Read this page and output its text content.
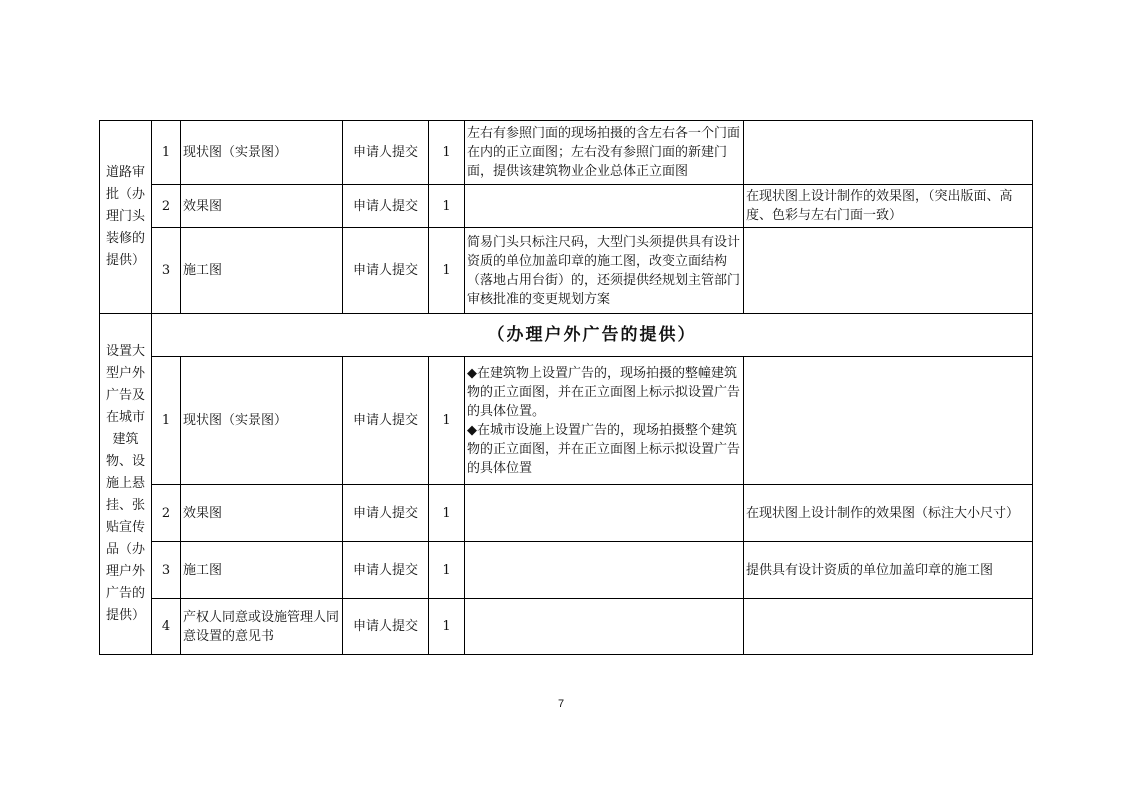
道路审批（办理门头装修的提供）	1	现状图（实景图）	申请人提交	1	左右有参照门面的现场拍摄的含左右各一个门面在内的正立面图；左右没有参照门面的新建门面，提供该建筑物业企业总体正立面图	
	2	效果图	申请人提交	1		在现状图上设计制作的效果图，（突出版面、高度、色彩与左右门面一致）
	3	施工图	申请人提交	1	简易门头只标注尺码，大型门头须提供具有设计资质的单位加盖印章的施工图，改变立面结构（落地占用台街）的，还须提供经规划主管部门审核批准的变更规划方案	
设置大型户外广告及在城市建筑物、设施上悬挂、张贴宣传品（办理户外广告的提供）	（办理户外广告的提供）					
	1	现状图（实景图）	申请人提交	1	◆在建筑物上设置广告的，现场拍摄的整幢建筑物的正立面图，并在正立面图上标示拟设置广告的具体位置。
◆在城市设施上设置广告的，现场拍摄整个建筑物的正立面图，并在正立面图上标示拟设置广告的具体位置	
	2	效果图	申请人提交	1		在现状图上设计制作的效果图（标注大小尺寸）
	3	施工图	申请人提交	1		提供具有设计资质的单位加盖印章的施工图
	4	产权人同意或设施管理人同意设置的意见书	申请人提交	1		
7
